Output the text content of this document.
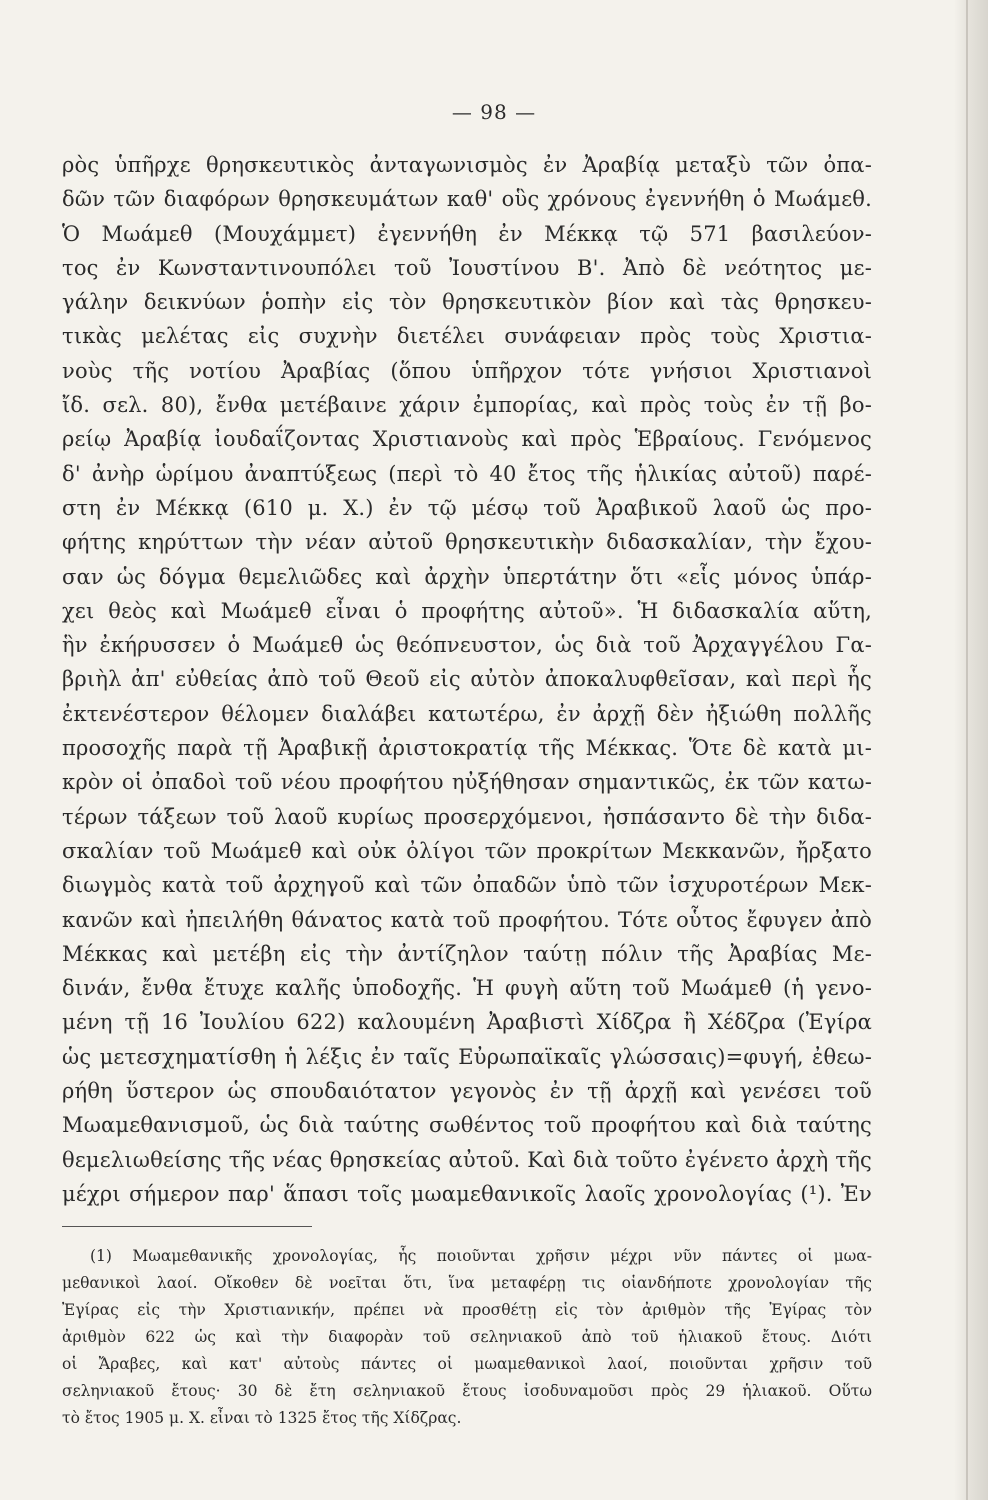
— 98 —
ρὸς ὑπῆρχε θρησκευτικὸς ἀνταγωνισμὸς ἐν Ἀραβίᾳ μεταξὺ τῶν ὀπα-
δῶν τῶν διαφόρων θρησκευμάτων καθ' οὓς χρόνους ἐγεννήθη ὁ Μωάμεθ.
Ὁ Μωάμεθ (Μουχάμμετ) ἐγεννήθη ἐν Μέκκᾳ τῷ 571 βασιλεύον-
τος ἐν Κωνσταντινουπόλει τοῦ Ἰουστίνου Β'. Ἀπὸ δὲ νεότητος με-
γάλην δεικνύων ῥοπὴν εἰς τὸν θρησκευτικὸν βίον καὶ τὰς θρησκευ-
τικὰς μελέτας εἰς συχνὴν διετέλει συνάφειαν πρὸς τοὺς Χριστια-
νοὺς τῆς νοτίου Ἀραβίας (ὅπου ὑπῆρχον τότε γνήσιοι Χριστιανοὶ
ἴδ. σελ. 80), ἔνθα μετέβαινε χάριν ἐμπορίας, καὶ πρὸς τοὺς ἐν τῇ βο-
ρείῳ Ἀραβίᾳ ἰουδαΐζοντας Χριστιανοὺς καὶ πρὸς Ἑβραίους. Γενόμενος
δ' ἀνὴρ ὡρίμου ἀναπτύξεως (περὶ τὸ 40 ἔτος τῆς ἡλικίας αὐτοῦ) παρέ-
στη ἐν Μέκκᾳ (610 μ. Χ.) ἐν τῷ μέσῳ τοῦ Ἀραβικοῦ λαοῦ ὡς προ-
φήτης κηρύττων τὴν νέαν αὐτοῦ θρησκευτικὴν διδασκαλίαν, τὴν ἔχου-
σαν ὡς δόγμα θεμελιῶδες καὶ ἀρχὴν ὑπερτάτην ὅτι «εἷς μόνος ὑπάρ-
χει θεὸς καὶ Μωάμεθ εἶναι ὁ προφήτης αὐτοῦ». Ἡ διδασκαλία αὕτη,
ἣν ἐκήρυσσεν ὁ Μωάμεθ ὡς θεόπνευστον, ὡς διὰ τοῦ Ἀρχαγγέλου Γα-
βριὴλ ἀπ' εὐθείας ἀπὸ τοῦ Θεοῦ εἰς αὐτὸν ἀποκαλυφθεῖσαν, καὶ περὶ ἧς
ἐκτενέστερον θέλομεν διαλάβει κατωτέρω, ἐν ἀρχῇ δὲν ἠξιώθη πολλῆς
προσοχῆς παρὰ τῇ Ἀραβικῇ ἀριστοκρατίᾳ τῆς Μέκκας. Ὅτε δὲ κατὰ μι-
κρὸν οἱ ὀπαδοὶ τοῦ νέου προφήτου ηὐξήθησαν σημαντικῶς, ἐκ τῶν κατω-
τέρων τάξεων τοῦ λαοῦ κυρίως προσερχόμενοι, ἠσπάσαντο δὲ τὴν διδα-
σκαλίαν τοῦ Μωάμεθ καὶ οὐκ ὀλίγοι τῶν προκρίτων Μεκκανῶν, ἤρξατο
διωγμὸς κατὰ τοῦ ἀρχηγοῦ καὶ τῶν ὀπαδῶν ὑπὸ τῶν ἰσχυροτέρων Μεκ-
κανῶν καὶ ἠπειλήθη θάνατος κατὰ τοῦ προφήτου. Τότε οὗτος ἔφυγεν ἀπὸ
Μέκκας καὶ μετέβη εἰς τὴν ἀντίζηλον ταύτῃ πόλιν τῆς Ἀραβίας Με-
δινάν, ἔνθα ἔτυχε καλῆς ὑποδοχῆς. Ἡ φυγὴ αὕτη τοῦ Μωάμεθ (ἡ γενο-
μένη τῇ 16 Ἰουλίου 622) καλουμένη Ἀραβιστὶ Χίδζρα ἢ Χέδζρα (Ἐγίρα
ὡς μετεσχηματίσθη ἡ λέξις ἐν ταῖς Εὐρωπαϊκαῖς γλώσσαις)=φυγή, ἐθεω-
ρήθη ὕστερον ὡς σπουδαιότατον γεγονὸς ἐν τῇ ἀρχῇ καὶ γενέσει τοῦ
Μωαμεθανισμοῦ, ὡς διὰ ταύτης σωθέντος τοῦ προφήτου καὶ διὰ ταύτης
θεμελιωθείσης τῆς νέας θρησκείας αὐτοῦ. Καὶ διὰ τοῦτο ἐγένετο ἀρχὴ τῆς
μέχρι σήμερον παρ' ἅπασι τοῖς μωαμεθανικοῖς λαοῖς χρονολογίας (¹). Ἐν
(1) Μωαμεθανικῆς χρονολογίας, ἧς ποιοῦνται χρῆσιν μέχρι νῦν πάντες οἱ μωα-
μεθανικοὶ λαοί. Οἴκοθεν δὲ νοεῖται ὅτι, ἵνα μεταφέρῃ τις οἱανδήποτε χρονολογίαν τῆς
Ἐγίρας εἰς τὴν Χριστιανικήν, πρέπει νὰ προσθέτῃ εἰς τὸν ἀριθμὸν τῆς Ἐγίρας τὸν
ἀριθμὸν 622 ὡς καὶ τὴν διαφορὰν τοῦ σεληνιακοῦ ἀπὸ τοῦ ἡλιακοῦ ἔτους. Διότι
οἱ Ἄραβες, καὶ κατ' αὐτοὺς πάντες οἱ μωαμεθανικοὶ λαοί, ποιοῦνται χρῆσιν τοῦ
σεληνιακοῦ ἔτους· 30 δὲ ἔτη σεληνιακοῦ ἔτους ἰσοδυναμοῦσι πρὸς 29 ἡλιακοῦ. Οὕτω
τὸ ἔτος 1905 μ. Χ. εἶναι τὸ 1325 ἔτος τῆς Χίδζρας.
